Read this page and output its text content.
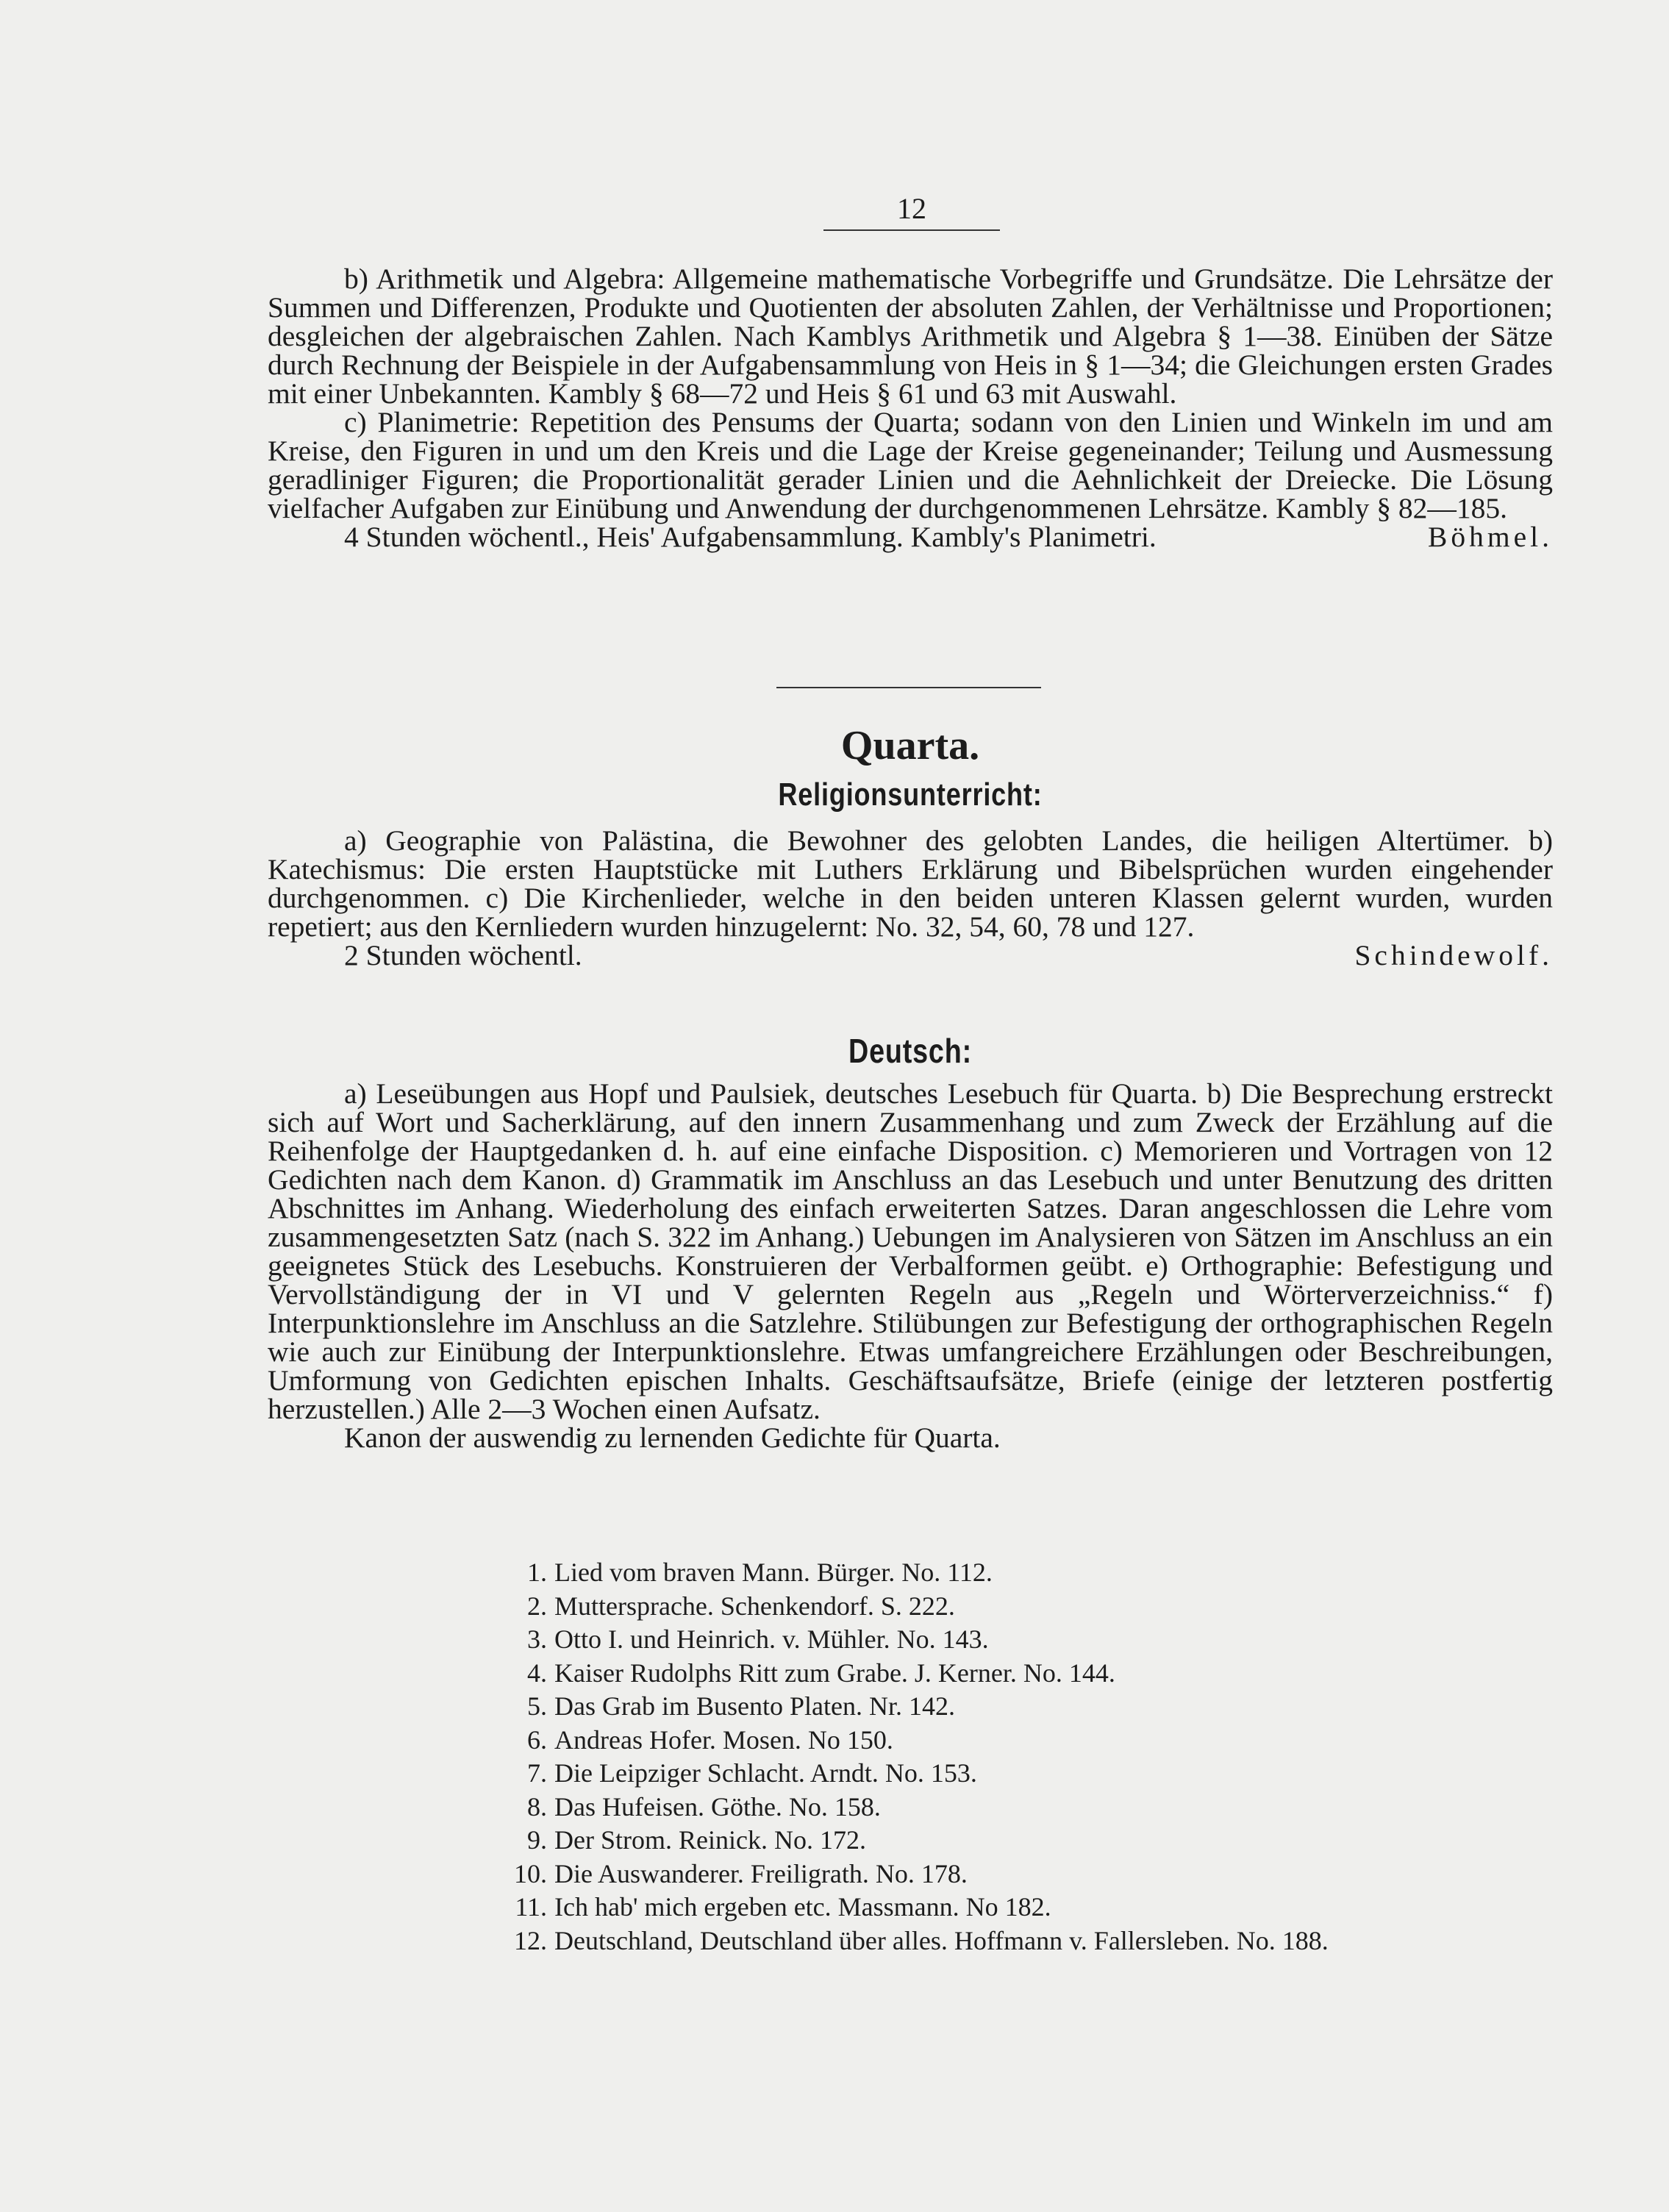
12

b) Arithmetik und Algebra: Allgemeine mathematische Vorbegriffe und Grundsätze. Die Lehrsätze der Summen und Differenzen, Produkte und Quotienten der absoluten Zahlen, der Verhältnisse und Proportionen; desgleichen der algebraischen Zahlen. Nach Kamblys Arithmetik und Algebra § 1—38. Einüben der Sätze durch Rechnung der Beispiele in der Aufgabensammlung von Heis in § 1—34; die Gleichungen ersten Grades mit einer Unbekannten. Kambly § 68—72 und Heis § 61 und 63 mit Auswahl.

c) Planimetrie: Repetition des Pensums der Quarta; sodann von den Linien und Winkeln im und am Kreise, den Figuren in und um den Kreis und die Lage der Kreise gegeneinander; Teilung und Ausmessung geradliniger Figuren; die Proportionalität gerader Linien und die Aehnlichkeit der Dreiecke. Die Lösung vielfacher Aufgaben zur Einübung und Anwendung der durchgenommenen Lehrsätze. Kambly § 82—185.

4 Stunden wöchentl., Heis' Aufgabensammlung. Kambly's Planimetri.	Böhmel.
Quarta.
Religionsunterricht:

a) Geographie von Palästina, die Bewohner des gelobten Landes, die heiligen Altertümer. b) Katechismus: Die ersten Hauptstücke mit Luthers Erklärung und Bibelsprüchen wurden eingehender durchgenommen. c) Die Kirchenlieder, welche in den beiden unteren Klassen gelernt wurden, wurden repetiert; aus den Kernliedern wurden hinzugelernt: No. 32, 54, 60, 78 und 127.

2 Stunden wöchentl.	Schindewolf.
Deutsch:

a) Leseübungen aus Hopf und Paulsiek, deutsches Lesebuch für Quarta. b) Die Besprechung erstreckt sich auf Wort und Sacherklärung, auf den innern Zusammenhang und zum Zweck der Erzählung auf die Reihenfolge der Hauptgedanken d. h. auf eine einfache Disposition. c) Memorieren und Vortragen von 12 Gedichten nach dem Kanon. d) Grammatik im Anschluss an das Lesebuch und unter Benutzung des dritten Abschnittes im Anhang. Wiederholung des einfach erweiterten Satzes. Daran angeschlossen die Lehre vom zusammengesetzten Satz (nach S. 322 im Anhang.) Uebungen im Analysieren von Sätzen im Anschluss an ein geeignetes Stück des Lesebuchs. Konstruieren der Verbalformen geübt. e) Orthographie: Befestigung und Vervollständigung der in VI und V gelernten Regeln aus „Regeln und Wörterverzeichniss.“ f) Interpunktionslehre im Anschluss an die Satzlehre. Stilübungen zur Befestigung der orthographischen Regeln wie auch zur Einübung der Interpunktionslehre. Etwas umfangreichere Erzählungen oder Beschreibungen, Umformung von Gedichten epischen Inhalts. Geschäftsaufsätze, Briefe (einige der letzteren postfertig herzustellen.) Alle 2—3 Wochen einen Aufsatz.

Kanon der auswendig zu lernenden Gedichte für Quarta.

1. Lied vom braven Mann. Bürger. No. 112.
2. Muttersprache. Schenkendorf. S. 222.
3. Otto I. und Heinrich. v. Mühler. No. 143.
4. Kaiser Rudolphs Ritt zum Grabe. J. Kerner. No. 144.
5. Das Grab im Busento Platen. Nr. 142.
6. Andreas Hofer. Mosen. No 150.
7. Die Leipziger Schlacht. Arndt. No. 153.
8. Das Hufeisen. Göthe. No. 158.
9. Der Strom. Reinick. No. 172.
10. Die Auswanderer. Freiligrath. No. 178.
11. Ich hab' mich ergeben etc. Massmann. No 182.
12. Deutschland, Deutschland über alles. Hoffmann v. Fallersleben. No. 188.
